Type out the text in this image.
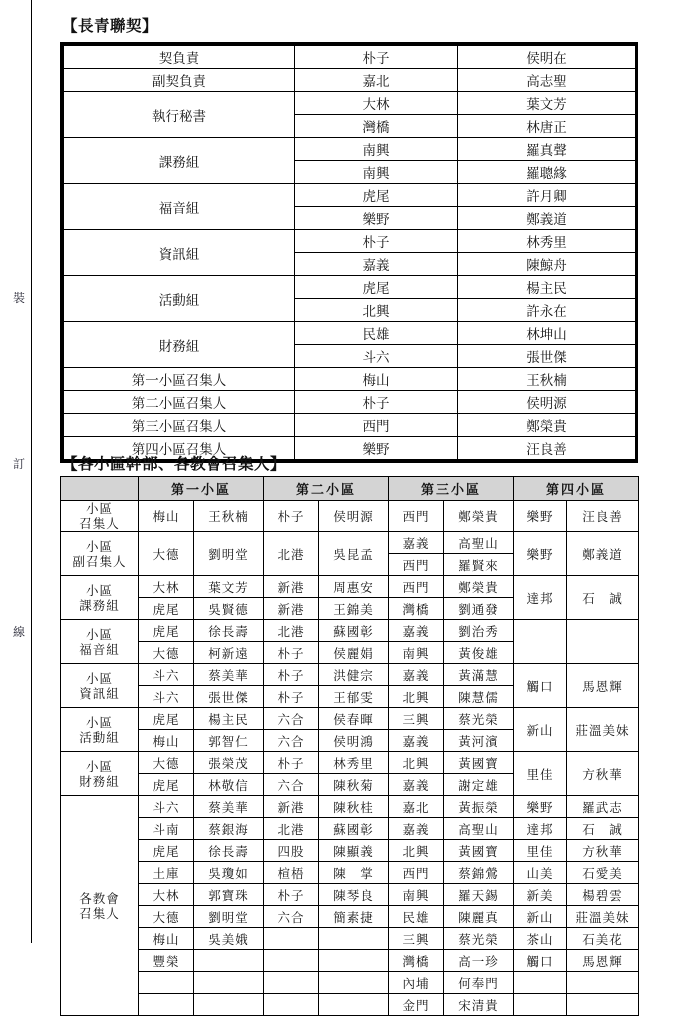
裝
訂
線
【長青聯契】
契負責	朴子	侯明在
副契負責	嘉北	高志聖
執行秘書	大林	葉文芳
	灣橋	林唐正
課務組	南興	羅真聲
	南興	羅聰緣
福音組	虎尾	許月卿
	樂野	鄭義道
資訊組	朴子	林秀里
	嘉義	陳鯨舟
活動組	虎尾	楊主民
	北興	許永在
財務組	民雄	林坤山
	斗六	張世傑
第一小區召集人	梅山	王秋楠
第二小區召集人	朴子	侯明源
第三小區召集人	西門	鄭榮貴
第四小區召集人	樂野	汪良善
【各小區幹部、各教會召集人】
	第一小區		第二小區		第三小區		第四小區	
小區
召集人	梅山	王秋楠	朴子	侯明源	西門	鄭榮貴	樂野	汪良善
小區
副召集人	大德	劉明堂	北港	吳昆孟	嘉義	高聖山	樂野	鄭義道
					西門	羅賢來		
小區
課務組	大林	葉文芳	新港	周惠安	西門	鄭榮貴	達邦	石　誠
	虎尾	吳賢德	新港	王錦美	灣橋	劉通發		
小區
福音組	虎尾	徐長壽	北港	蘇國彰	嘉義	劉治秀		
	大德	柯新遠	朴子	侯麗娟	南興	黃俊雄		
小區
資訊組	斗六	蔡美華	朴子	洪健宗	嘉義	黃滿慧	觸口	馬恩輝
	斗六	張世傑	朴子	王郁雯	北興	陳慧儒		
小區
活動組	虎尾	楊主民	六合	侯春暉	三興	蔡光榮	新山	莊溫美妹
	梅山	郭智仁	六合	侯明鴻	嘉義	黃河濱		
小區
財務組	大德	張榮茂	朴子	林秀里	北興	黃國寶	里佳	方秋華
	虎尾	林敬信	六合	陳秋菊	嘉義	謝定雄		
各教會
召集人	斗六	蔡美華	新港	陳秋桂	嘉北	黃振榮	樂野	羅武志
	斗南	蔡銀海	北港	蘇國彰	嘉義	高聖山	達邦	石　誠
	虎尾	徐長壽	四股	陳顯義	北興	黃國寶	里佳	方秋華
	土庫	吳瓊如	楦梧	陳　掌	西門	蔡錦鶯	山美	石愛美
	大林	郭寶珠	朴子	陳琴良	南興	羅天錫	新美	楊碧雲
	大德	劉明堂	六合	簡素捷	民雄	陳麗真	新山	莊溫美妹
	梅山	吳美娥			三興	蔡光榮	茶山	石美花
	豐榮				灣橋	高一珍	觸口	馬恩輝
					內埔	何奉門		
					金門	宋清貴		
